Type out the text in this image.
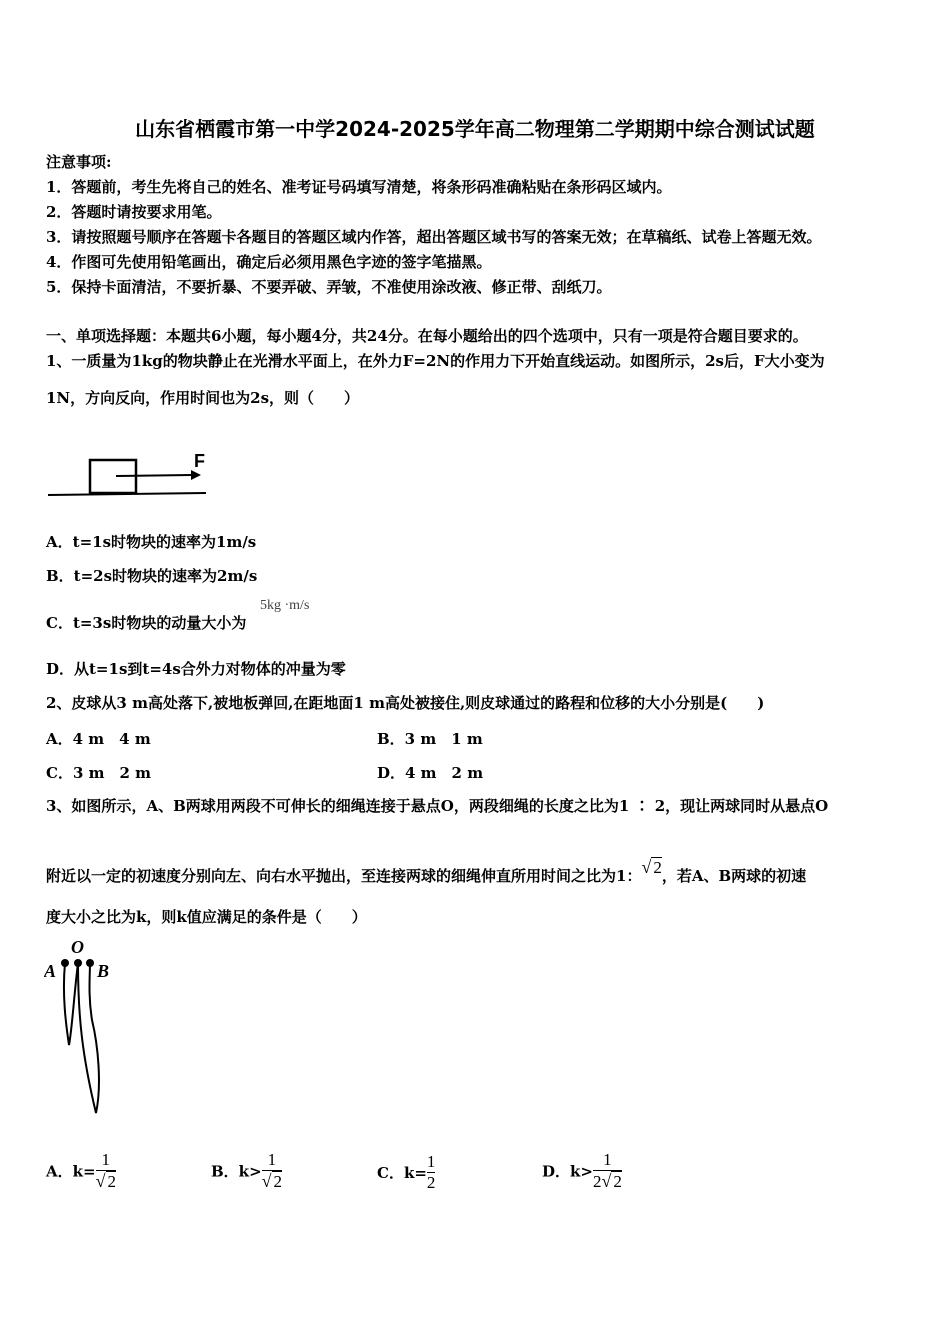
山东省栖霞市第一中学2024-2025学年高二物理第二学期期中综合测试试题
注意事项:
1．答题前，考生先将自己的姓名、准考证号码填写清楚，将条形码准确粘贴在条形码区域内。
2．答题时请按要求用笔。
3．请按照题号顺序在答题卡各题目的答题区域内作答，超出答题区域书写的答案无效；在草稿纸、试卷上答题无效。
4．作图可先使用铅笔画出，确定后必须用黑色字迹的签字笔描黑。
5．保持卡面清洁，不要折暴、不要弄破、弄皱，不准使用涂改液、修正带、刮纸刀。
一、单项选择题：本题共6小题，每小题4分，共24分。在每小题给出的四个选项中，只有一项是符合题目要求的。
1、一质量为1kg的物块静止在光滑水平面上，在外力F=2N的作用力下开始直线运动。如图所示，2s后，F大小变为
1N，方向反向，作用时间也为2s，则（　　）
F
A．t=1s时物块的速率为1m/s
B．t=2s时物块的速率为2m/s
C．t=3s时物块的动量大小为
5kg ·m/s
D．从t=1s到t=4s合外力对物体的冲量为零
2、皮球从3 m高处落下,被地板弹回,在距地面1 m高处被接住,则皮球通过的路程和位移的大小分别是(　　)
A．4 m　4 m	B．3 m　1 m
C．3 m　2 m	D．4 m　2 m
3、如图所示，A、B两球用两段不可伸长的细绳连接于悬点O，两段细绳的长度之比为1 ∶ 2，现让两球同时从悬点O
附近以一定的初速度分别向左、向右水平抛出，至连接两球的细绳伸直所用时间之比为1：√ 2，若A、B两球的初速
度大小之比为k，则k值应满足的条件是（　　）
O
A B
A．$k= \frac{1}{√ 2}$	B．$k> \frac{1}{√ 2}$	C．$k= \frac{1}{2}$	D．$k> \frac{1}{2√ 2}$
